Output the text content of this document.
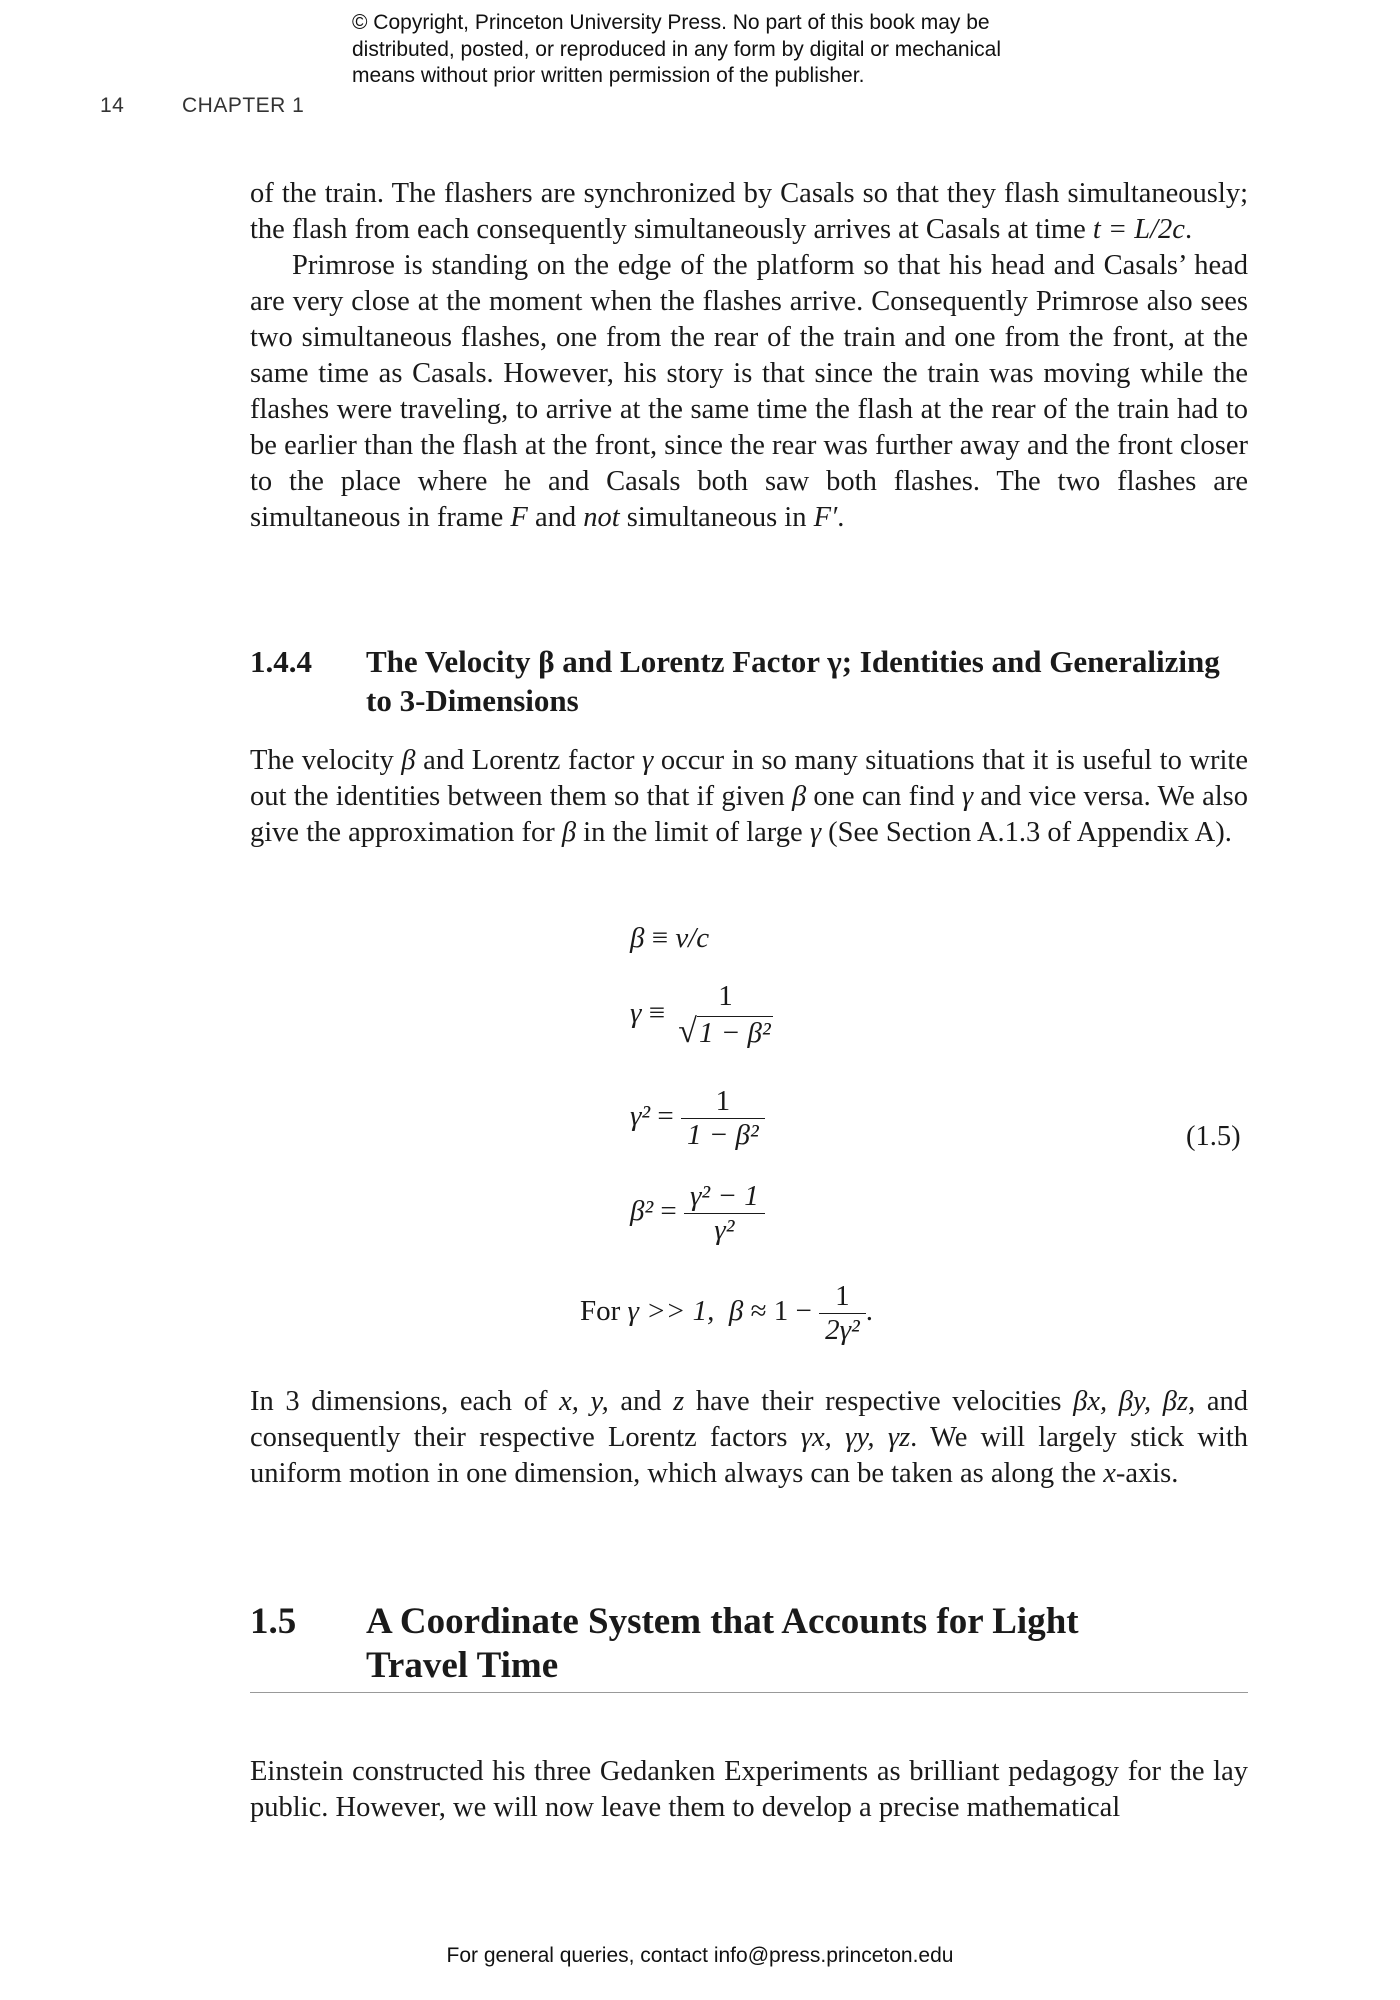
© Copyright, Princeton University Press. No part of this book may be
distributed, posted, or reproduced in any form by digital or mechanical
means without prior written permission of the publisher.
14	CHAPTER 1

of the train. The flashers are synchronized by Casals so that they flash simultaneously; the flash from each consequently simultaneously arrives at Casals at time t = L/2c.

Primrose is standing on the edge of the platform so that his head and Casals’ head are very close at the moment when the flashes arrive. Consequently Primrose also sees two simultaneous flashes, one from the rear of the train and one from the front, at the same time as Casals. However, his story is that since the train was moving while the flashes were traveling, to arrive at the same time the flash at the rear of the train had to be earlier than the flash at the front, since the rear was further away and the front closer to the place where he and Casals both saw both flashes. The two flashes are simultaneous in frame F and not simultaneous in F′.

1.4.4 The Velocity β and Lorentz Factor γ; Identities and Generalizing to 3-Dimensions

The velocity β and Lorentz factor γ occur in so many situations that it is useful to write out the identities between them so that if given β one can find γ and vice versa. We also give the approximation for β in the limit of large γ (See Section A.1.3 of Appendix A).

β ≡ v/c
γ ≡
1
√1 − β²
$\gamma^2 = \frac{1}{\text{1 − β²}}$
$\beta^2 = \frac{\text{γ² − 1}}{\text{γ²}}$
For γ >> 1, $\beta \approx 1 - \frac{1}{\text{2γ²}}$ .
(1.5)

In 3 dimensions, each of x, y, and z have their respective velocities βx, βy, βz, and consequently their respective Lorentz factors γx, γy, γz. We will largely stick with uniform motion in one dimension, which always can be taken as along the x-axis.

1.5 A Coordinate System that Accounts for Light Travel Time

Einstein constructed his three Gedanken Experiments as brilliant pedagogy for the lay public. However, we will now leave them to develop a precise mathematical

For general queries, contact info@press.princeton.edu
